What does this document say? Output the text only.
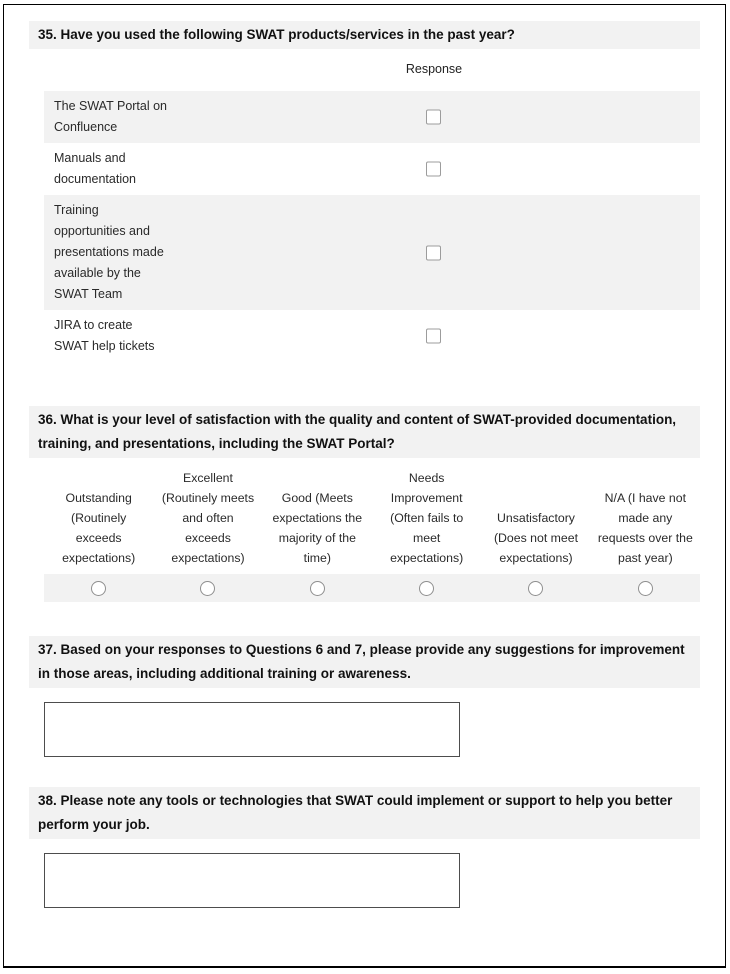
35. Have you used the following SWAT products/services in the past year?
Response
The SWAT Portal on Confluence
Manuals and documentation
Training opportunities and presentations made available by the SWAT Team
JIRA to create SWAT help tickets
36. What is your level of satisfaction with the quality and content of SWAT-provided documentation, training, and presentations, including the SWAT Portal?
Outstanding (Routinely exceeds expectations)
Excellent (Routinely meets and often exceeds expectations)
Good (Meets expectations the majority of the time)
Needs Improvement (Often fails to meet expectations)
Unsatisfactory (Does not meet expectations)
N/A (I have not made any requests over the past year)
37. Based on your responses to Questions 6 and 7, please provide any suggestions for improvement in those areas, including additional training or awareness.
38. Please note any tools or technologies that SWAT could implement or support to help you better perform your job.
